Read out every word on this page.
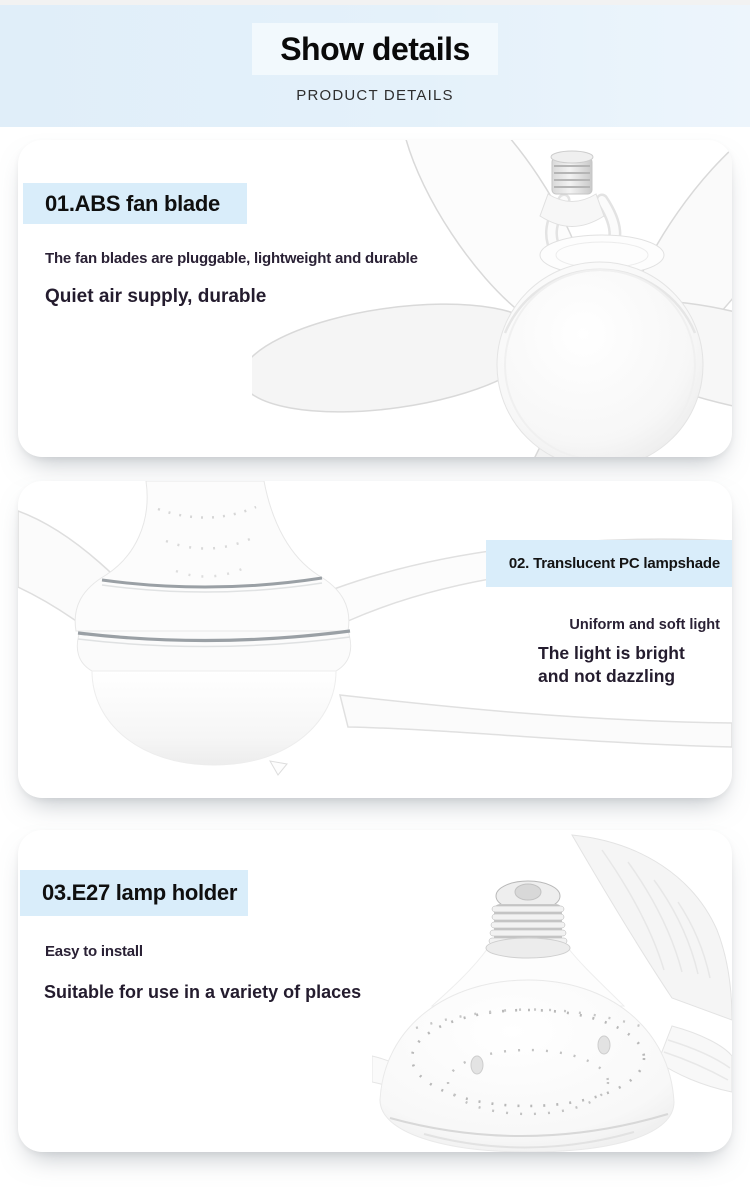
Show details
PRODUCT DETAILS
01.ABS fan blade
The fan blades are pluggable, lightweight and durable
Quiet air supply, durable
02. Translucent PC lampshade
Uniform and soft light
The light is bright
and not dazzling
03.E27 lamp holder
Easy to install
Suitable for use in a variety of places
